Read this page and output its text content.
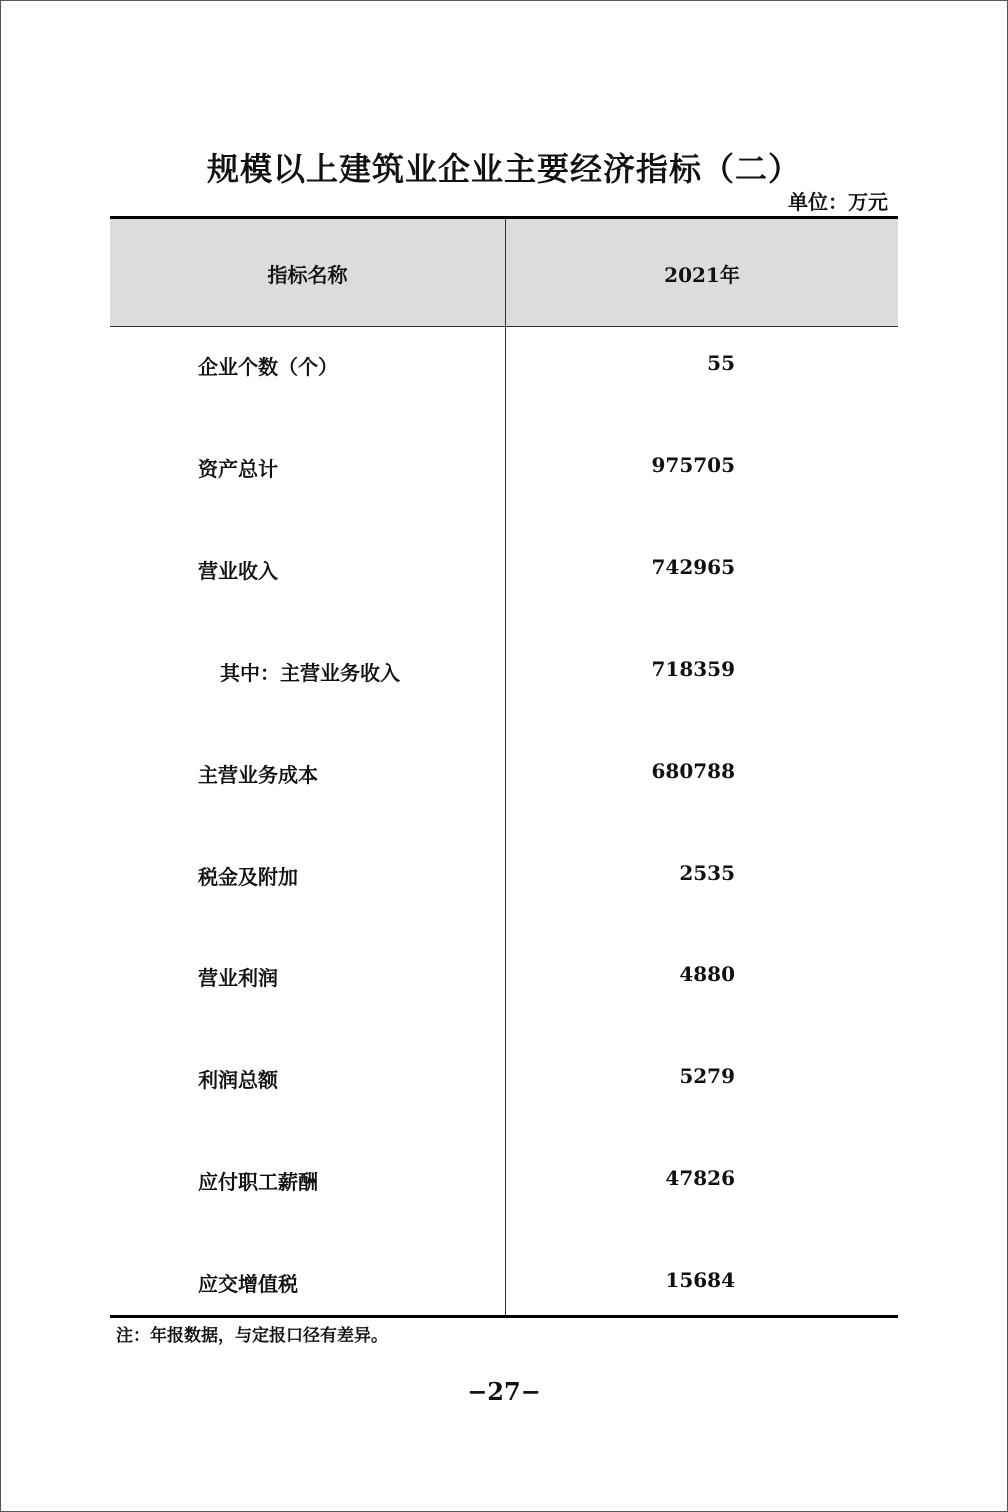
规模以上建筑业企业主要经济指标（二）
单位：万元
指标名称	2021年
企业个数（个）	55
资产总计	975705
营业收入	742965
其中：主营业务收入	718359
主营业务成本	680788
税金及附加	2535
营业利润	4880
利润总额	5279
应付职工薪酬	47826
应交增值税	15684
注：年报数据，与定报口径有差异。
−27−
